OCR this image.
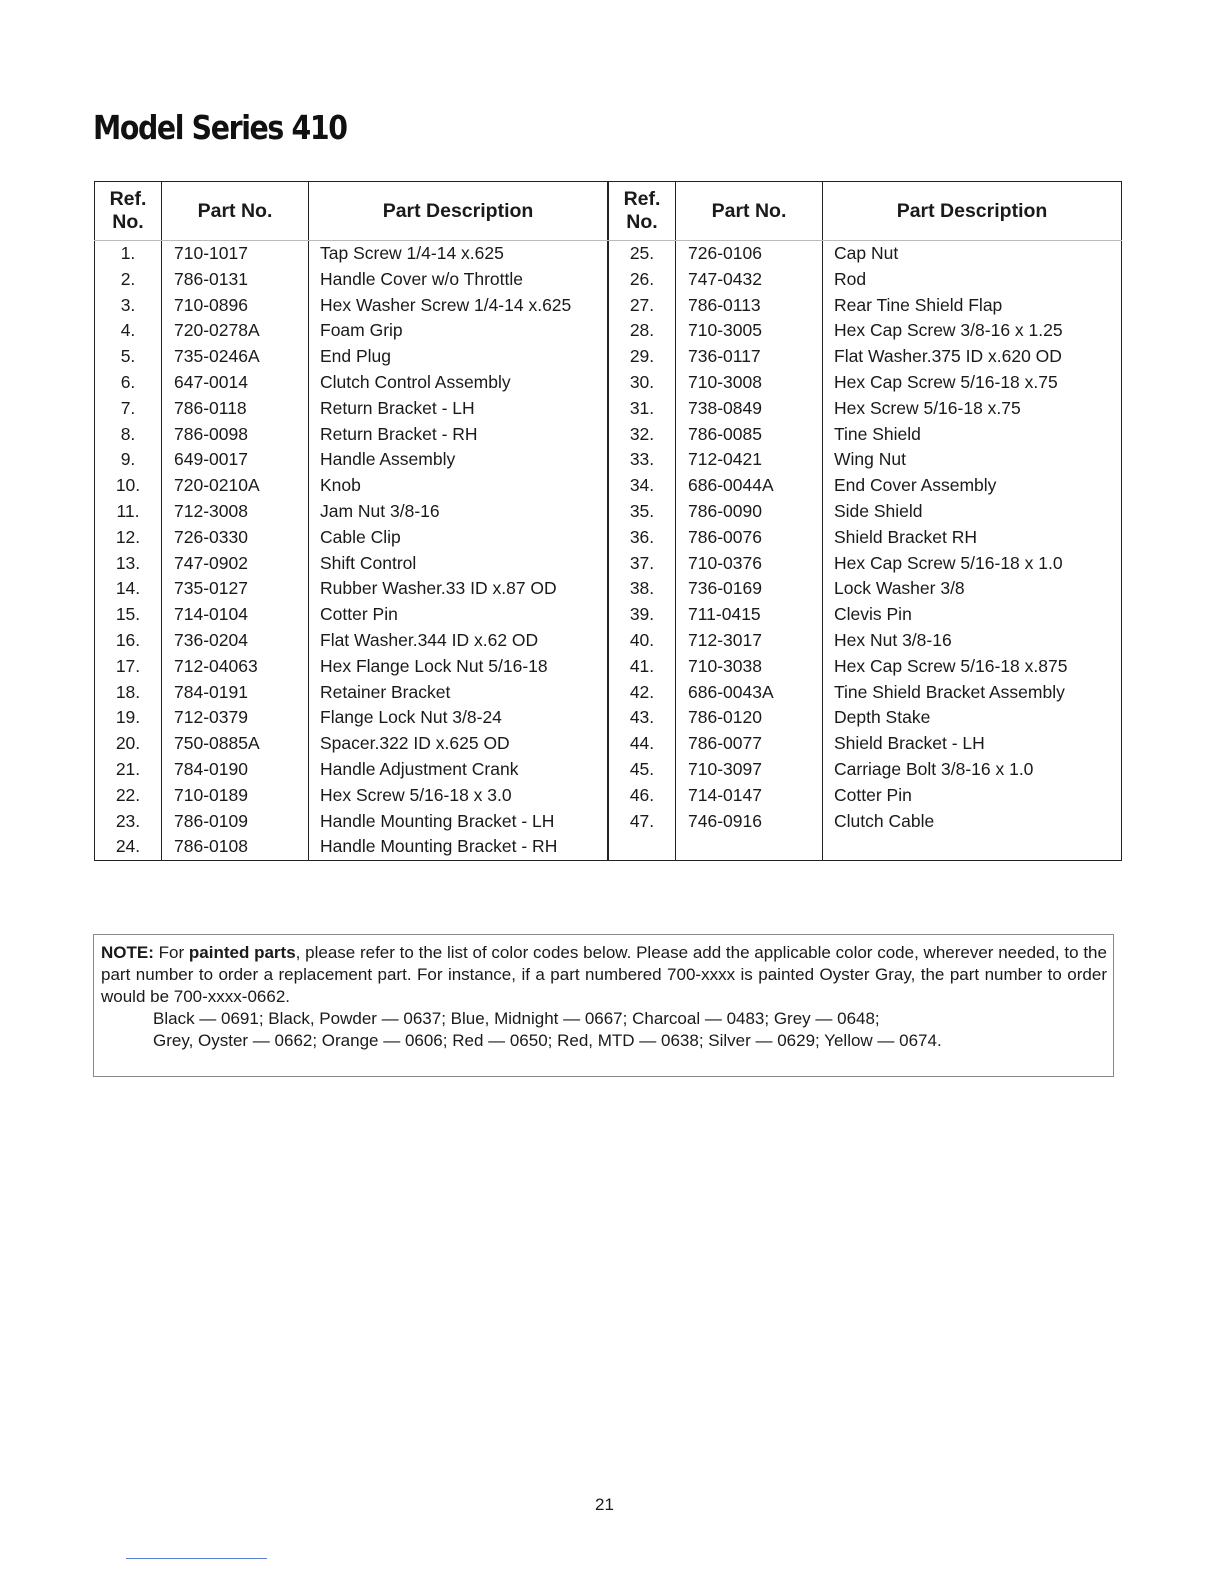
Model Series 410
Ref.
No.	Part No.	Part Description
1.	710-1017	Tap Screw 1/4-14 x.625
2.	786-0131	Handle Cover w/o Throttle
3.	710-0896	Hex Washer Screw 1/4-14 x.625
4.	720-0278A	Foam Grip
5.	735-0246A	End Plug
6.	647-0014	Clutch Control Assembly
7.	786-0118	Return Bracket - LH
8.	786-0098	Return Bracket - RH
9.	649-0017	Handle Assembly
10.	720-0210A	Knob
11.	712-3008	Jam Nut 3/8-16
12.	726-0330	Cable Clip
13.	747-0902	Shift Control
14.	735-0127	Rubber Washer.33 ID x.87 OD
15.	714-0104	Cotter Pin
16.	736-0204	Flat Washer.344 ID x.62 OD
17.	712-04063	Hex Flange Lock Nut 5/16-18
18.	784-0191	Retainer Bracket
19.	712-0379	Flange Lock Nut 3/8-24
20.	750-0885A	Spacer.322 ID x.625 OD
21.	784-0190	Handle Adjustment Crank
22.	710-0189	Hex Screw 5/16-18 x 3.0
23.	786-0109	Handle Mounting Bracket - LH
24.	786-0108	Handle Mounting Bracket - RH
Ref.
No.	Part No.	Part Description
25.	726-0106	Cap Nut
26.	747-0432	Rod
27.	786-0113	Rear Tine Shield Flap
28.	710-3005	Hex Cap Screw 3/8-16 x 1.25
29.	736-0117	Flat Washer.375 ID x.620 OD
30.	710-3008	Hex Cap Screw 5/16-18 x.75
31.	738-0849	Hex Screw 5/16-18 x.75
32.	786-0085	Tine Shield
33.	712-0421	Wing Nut
34.	686-0044A	End Cover Assembly
35.	786-0090	Side Shield
36.	786-0076	Shield Bracket RH
37.	710-0376	Hex Cap Screw 5/16-18 x 1.0
38.	736-0169	Lock Washer 3/8
39.	711-0415	Clevis Pin
40.	712-3017	Hex Nut 3/8-16
41.	710-3038	Hex Cap Screw 5/16-18 x.875
42.	686-0043A	Tine Shield Bracket Assembly
43.	786-0120	Depth Stake
44.	786-0077	Shield Bracket - LH
45.	710-3097	Carriage Bolt 3/8-16 x 1.0
46.	714-0147	Cotter Pin
47.	746-0916	Clutch Cable

NOTE: For painted parts, please refer to the list of color codes below. Please add the applicable color code, wherever needed, to the part number to order a replacement part. For instance, if a part numbered 700-xxxx is painted Oyster Gray, the part number to order would be 700-xxxx-0662.
Black — 0691; Black, Powder — 0637; Blue, Midnight — 0667; Charcoal — 0483; Grey — 0648;
Grey, Oyster — 0662; Orange — 0606; Red — 0650; Red, MTD — 0638; Silver — 0629; Yellow — 0674.
21
